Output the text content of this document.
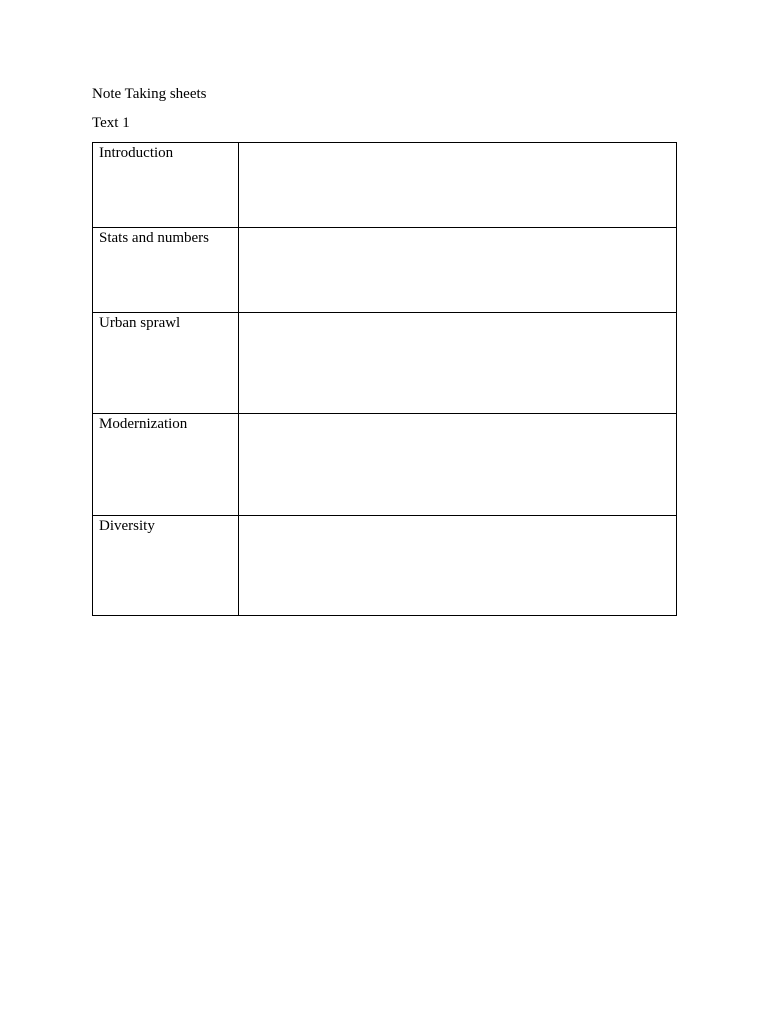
Note Taking sheets
Text 1
Introduction	

Stats and numbers	

Urban sprawl	

Modernization	

Diversity	
